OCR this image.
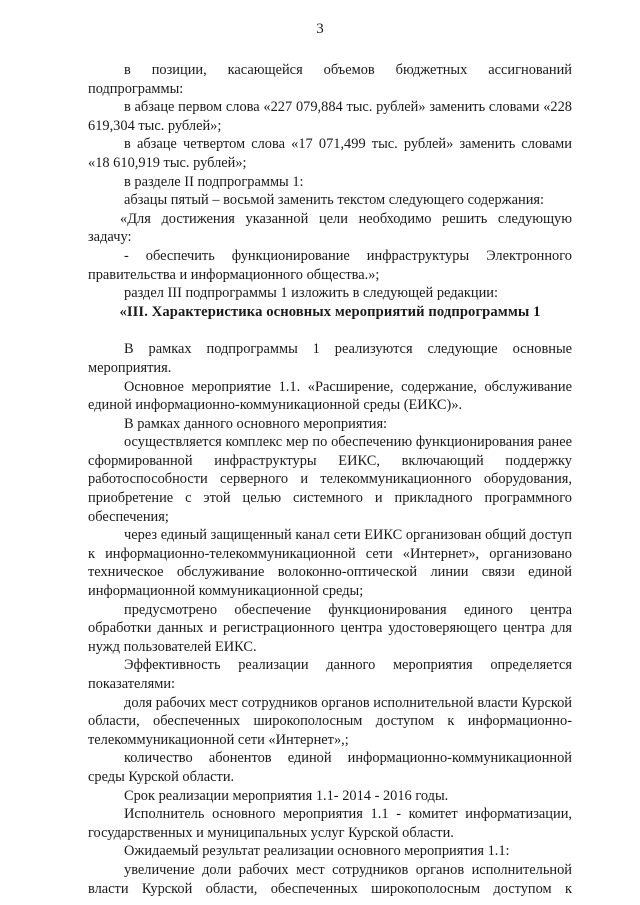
3

в позиции, касающейся объемов бюджетных ассигнований подпрограммы:

в абзаце первом слова «227 079,884 тыс. рублей» заменить словами «228 619,304 тыс. рублей»;

в абзаце четвертом слова «17 071,499 тыс. рублей» заменить словами «18 610,919 тыс. рублей»;

в разделе II подпрограммы 1:

абзацы пятый – восьмой заменить текстом следующего содержания:

«Для достижения указанной цели необходимо решить следующую задачу:

- обеспечить функционирование инфраструктуры Электронного правительства и информационного общества.»;

раздел III подпрограммы 1 изложить в следующей редакции:

«III. Характеристика основных мероприятий подпрограммы 1

В рамках подпрограммы 1 реализуются следующие основные мероприятия.

Основное мероприятие 1.1. «Расширение, содержание, обслуживание единой информационно-коммуникационной среды (ЕИКС)».

В рамках данного основного мероприятия:

осуществляется комплекс мер по обеспечению функционирования ранее сформированной инфраструктуры ЕИКС, включающий поддержку работоспособности серверного и телекоммуникационного оборудования, приобретение с этой целью системного и прикладного программного обеспечения;

через единый защищенный канал сети ЕИКС организован общий доступ к информационно-телекоммуникационной сети «Интернет», организовано техническое обслуживание волоконно-оптической линии связи единой информационной коммуникационной среды;

предусмотрено обеспечение функционирования единого центра обработки данных и регистрационного центра удостоверяющего центра для нужд пользователей ЕИКС.

Эффективность реализации данного мероприятия определяется показателями:

доля рабочих мест сотрудников органов исполнительной власти Курской области, обеспеченных широкополосным доступом к информационно-телекоммуникационной сети «Интернет»,;

количество абонентов единой информационно-коммуникационной среды Курской области.

Срок реализации мероприятия 1.1- 2014 - 2016 годы.

Исполнитель основного мероприятия 1.1 - комитет информатизации, государственных и муниципальных услуг Курской области.

Ожидаемый результат реализации основного мероприятия 1.1:

увеличение доли рабочих мест сотрудников органов исполнительной власти Курской области, обеспеченных широкополосным доступом к
